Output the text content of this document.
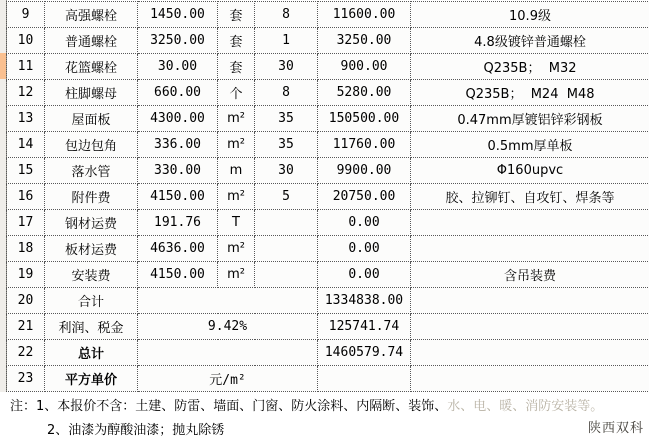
9	高强螺栓	1450.00	套	8	11600.00	10.9级
10	普通螺栓	3250.00	套	1	3250.00	4.8级镀锌普通螺栓
11	花篮螺栓	30.00	套	30	900.00	Q235B；  M32
12	柱脚螺母	660.00	个	8	5280.00	Q235B；  M24  M48
13	屋面板	4300.00	m²	35	150500.00	0.47mm厚镀铝锌彩钢板
14	包边包角	336.00	m²	35	11760.00	0.5mm厚单板
15	落水管	330.00	m	30	9900.00	Φ160upvc
16	附件费	4150.00	m²	5	20750.00	胶、拉铆钉、自攻钉、焊条等
17	钢材运费	191.76	T		0.00	
18	板材运费	4636.00	m²		0.00	
19	安装费	4150.00	m²		0.00	含吊装费
20	合计				1334838.00	
21	利润、税金	9.42%			125741.74	
22	总计				1460579.74	
23	平方单价	元/m²				
注：1、本报价不含：土建、防雷、墙面、门窗、防火涂料、内隔断、装饰、水、电、暖、消防安装等。
2、油漆为醇酸油漆；抛丸除锈	陕西双科
